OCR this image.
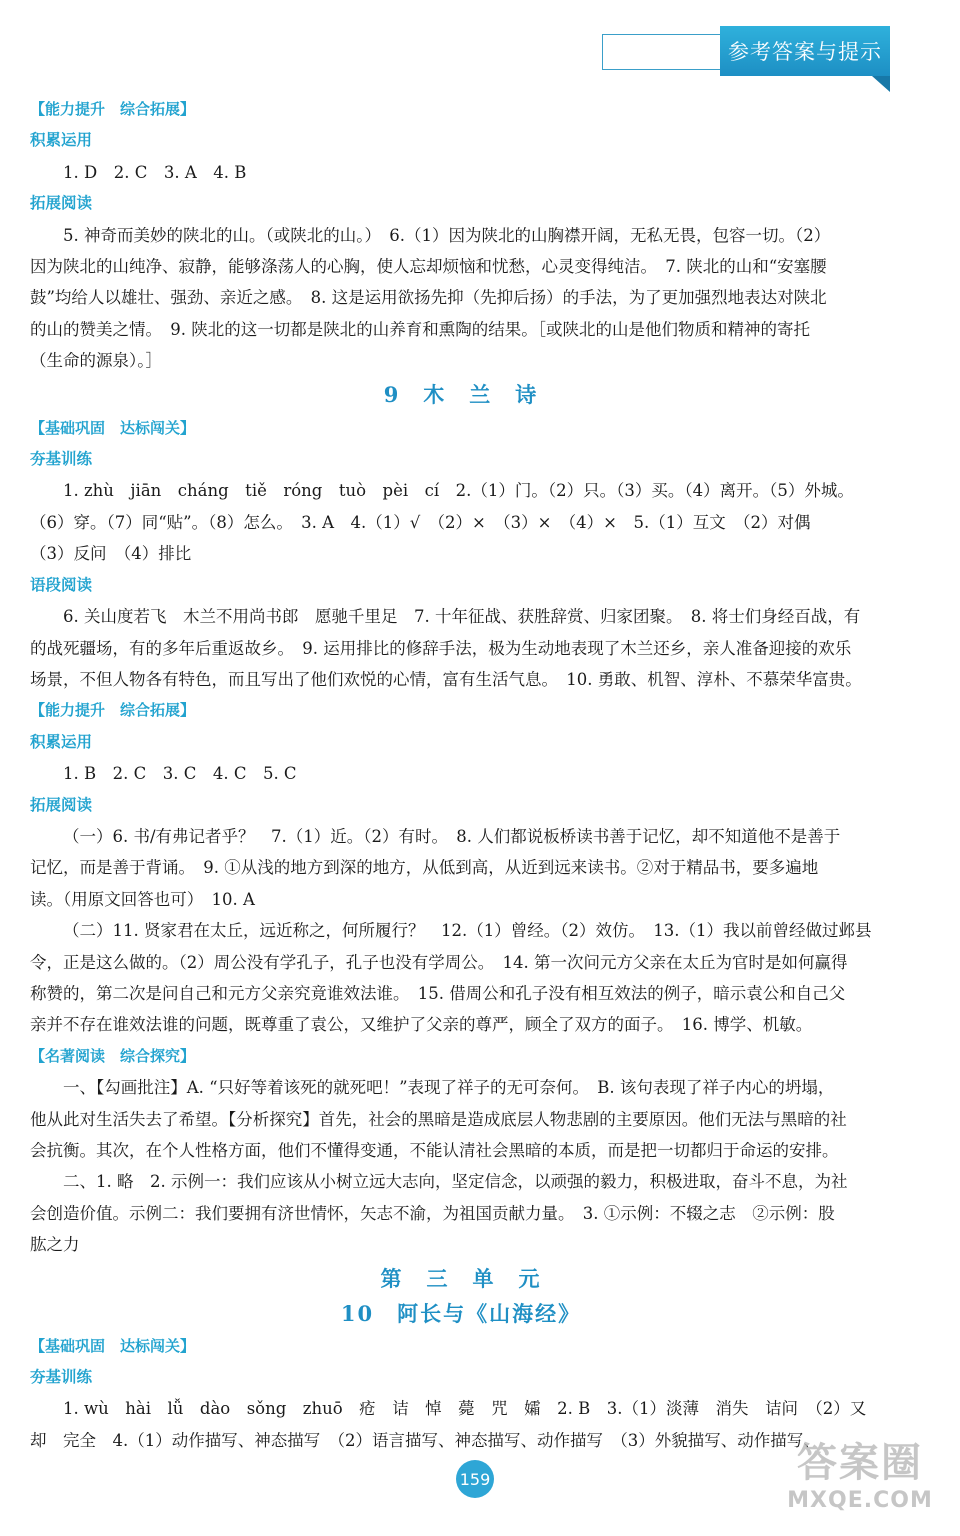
参考答案与提示
【能力提升　综合拓展】
积累运用
1. D　2. C　3. A　4. B
拓展阅读
5. 神奇而美妙的陕北的山。（或陕北的山。）　6.（1）因为陕北的山胸襟开阔，无私无畏，包容一切。（2）
因为陕北的山纯净、寂静，能够涤荡人的心胸，使人忘却烦恼和忧愁，心灵变得纯洁。　7. 陕北的山和“安塞腰
鼓”均给人以雄壮、强劲、亲近之感。　8. 这是运用欲扬先抑（先抑后扬）的手法，为了更加强烈地表达对陕北
的山的赞美之情。　9. 陕北的这一切都是陕北的山养育和熏陶的结果。［或陕北的山是他们物质和精神的寄托
（生命的源泉）。］
9　木　兰　诗
【基础巩固　达标闯关】
夯基训练
1. zhù　jiān　cháng　tiě　róng　tuò　pèi　cí　2.（1）门。（2）只。（3）买。（4）离开。（5）外城。
（6）穿。（7）同“贴”。（8）怎么。　3. A　4.（1）√　（2）×　（3）×　（4）×　5.（1）互文　（2）对偶
（3）反问　（4）排比
语段阅读
6. 关山度若飞　木兰不用尚书郎　愿驰千里足　7. 十年征战、获胜辞赏、归家团聚。　8. 将士们身经百战，有
的战死疆场，有的多年后重返故乡。　9. 运用排比的修辞手法，极为生动地表现了木兰还乡，亲人准备迎接的欢乐
场景，不但人物各有特色，而且写出了他们欢悦的心情，富有生活气息。　10. 勇敢、机智、淳朴、不慕荣华富贵。
【能力提升　综合拓展】
积累运用
1. B　2. C　3. C　4. C　5. C
拓展阅读
（一）6. 书/有弗记者乎？　7.（1）近。（2）有时。　8. 人们都说板桥读书善于记忆，却不知道他不是善于
记忆，而是善于背诵。　9. ①从浅的地方到深的地方，从低到高，从近到远来读书。②对于精品书，要多遍地
读。（用原文回答也可）　10. A
（二）11. 贤家君在太丘，远近称之，何所履行？　12.（1）曾经。（2）效仿。　13.（1）我以前曾经做过邺县
令，正是这么做的。（2）周公没有学孔子，孔子也没有学周公。　14. 第一次问元方父亲在太丘为官时是如何赢得
称赞的，第二次是问自己和元方父亲究竟谁效法谁。　15. 借周公和孔子没有相互效法的例子，暗示袁公和自己父
亲并不存在谁效法谁的问题，既尊重了袁公，又维护了父亲的尊严，顾全了双方的面子。　16. 博学、机敏。
【名著阅读　综合探究】
一、【勾画批注】A. “只好等着该死的就死吧！”表现了祥子的无可奈何。　B. 该句表现了祥子内心的坍塌，
他从此对生活失去了希望。【分析探究】首先，社会的黑暗是造成底层人物悲剧的主要原因。他们无法与黑暗的社
会抗衡。其次，在个人性格方面，他们不懂得变通，不能认清社会黑暗的本质，而是把一切都归于命运的安排。
二、1. 略　2. 示例一：我们应该从小树立远大志向，坚定信念，以顽强的毅力，积极进取，奋斗不息，为社
会创造价值。示例二：我们要拥有济世情怀，矢志不渝，为祖国贡献力量。　3. ①示例：不辍之志　②示例：股
肱之力
第　三　单　元
10　阿长与《山海经》
【基础巩固　达标闯关】
夯基训练
1. wù　hài　lǚ　dào　sǒng　zhuō　疮　诘　悼　薨　咒　孀　2. B　3.（1）淡薄　消失　诘问　（2）又
却　完全　4.（1）动作描写、神态描写　（2）语言描写、神态描写、动作描写　（3）外貌描写、动作描写、
159	答案圈
MXQE.COM
